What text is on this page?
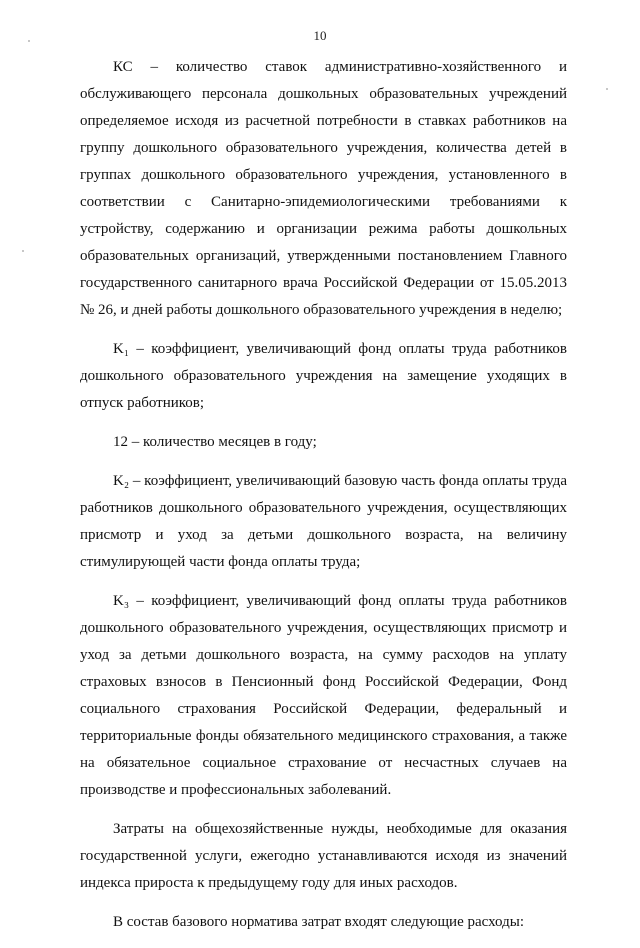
10

КС – количество ставок административно-хозяйственного и обслуживающего персонала дошкольных образовательных учреждений определяемое исходя из расчетной потребности в ставках работников на группу дошкольного образовательного учреждения, количества детей в группах дошкольного образовательного учреждения, установленного в соответствии с Санитарно-эпидемиологическими требованиями к устройству, содержанию и организации режима работы дошкольных образовательных организаций, утвержденными постановлением Главного государственного санитарного врача Российской Федерации от 15.05.2013 № 26, и дней работы дошкольного образовательного учреждения в неделю;

K₁ – коэффициент, увеличивающий фонд оплаты труда работников дошкольного образовательного учреждения на замещение уходящих в отпуск работников;

12 – количество месяцев в году;

K₂ – коэффициент, увеличивающий базовую часть фонда оплаты труда работников дошкольного образовательного учреждения, осуществляющих присмотр и уход за детьми дошкольного возраста, на величину стимулирующей части фонда оплаты труда;

K₃ – коэффициент, увеличивающий фонд оплаты труда работников дошкольного образовательного учреждения, осуществляющих присмотр и уход за детьми дошкольного возраста, на сумму расходов на уплату страховых взносов в Пенсионный фонд Российской Федерации, Фонд социального страхования Российской Федерации, федеральный и территориальные фонды обязательного медицинского страхования, а также на обязательное социальное страхование от несчастных случаев на производстве и профессиональных заболеваний.

Затраты на общехозяйственные нужды, необходимые для оказания государственной услуги, ежегодно устанавливаются исходя из значений индекса прироста к предыдущему году для иных расходов.

В состав базового норматива затрат входят следующие расходы:
